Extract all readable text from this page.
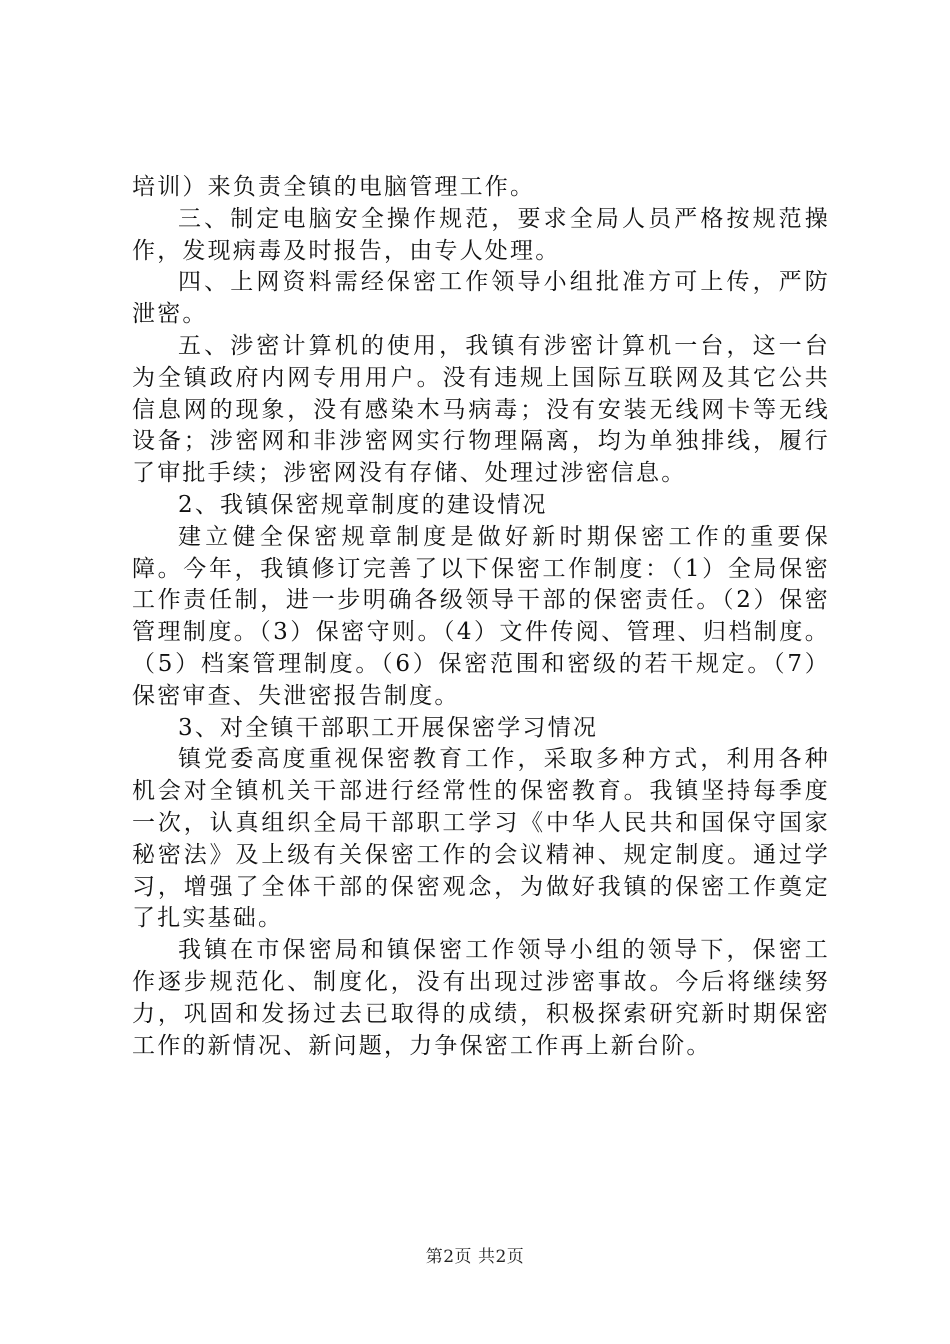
培训）来负责全镇的电脑管理工作。

三、制定电脑安全操作规范，要求全局人员严格按规范操作，发现病毒及时报告，由专人处理。

四、上网资料需经保密工作领导小组批准方可上传，严防泄密。

五、涉密计算机的使用，我镇有涉密计算机一台，这一台为全镇政府内网专用用户。没有违规上国际互联网及其它公共信息网的现象，没有感染木马病毒；没有安装无线网卡等无线设备；涉密网和非涉密网实行物理隔离，均为单独排线，履行了审批手续；涉密网没有存储、处理过涉密信息。

2、我镇保密规章制度的建设情况

建立健全保密规章制度是做好新时期保密工作的重要保障。今年，我镇修订完善了以下保密工作制度：（1）全局保密工作责任制，进一步明确各级领导干部的保密责任。（2）保密管理制度。（3）保密守则。（4）文件传阅、管理、归档制度。（5）档案管理制度。（6）保密范围和密级的若干规定。（7）保密审查、失泄密报告制度。

3、对全镇干部职工开展保密学习情况

镇党委高度重视保密教育工作，采取多种方式，利用各种机会对全镇机关干部进行经常性的保密教育。我镇坚持每季度一次，认真组织全局干部职工学习《中华人民共和国保守国家秘密法》及上级有关保密工作的会议精神、规定制度。通过学习，增强了全体干部的保密观念，为做好我镇的保密工作奠定了扎实基础。

我镇在市保密局和镇保密工作领导小组的领导下，保密工作逐步规范化、制度化，没有出现过涉密事故。今后将继续努力，巩固和发扬过去已取得的成绩，积极探索研究新时期保密工作的新情况、新问题，力争保密工作再上新台阶。

第2页 共2页
